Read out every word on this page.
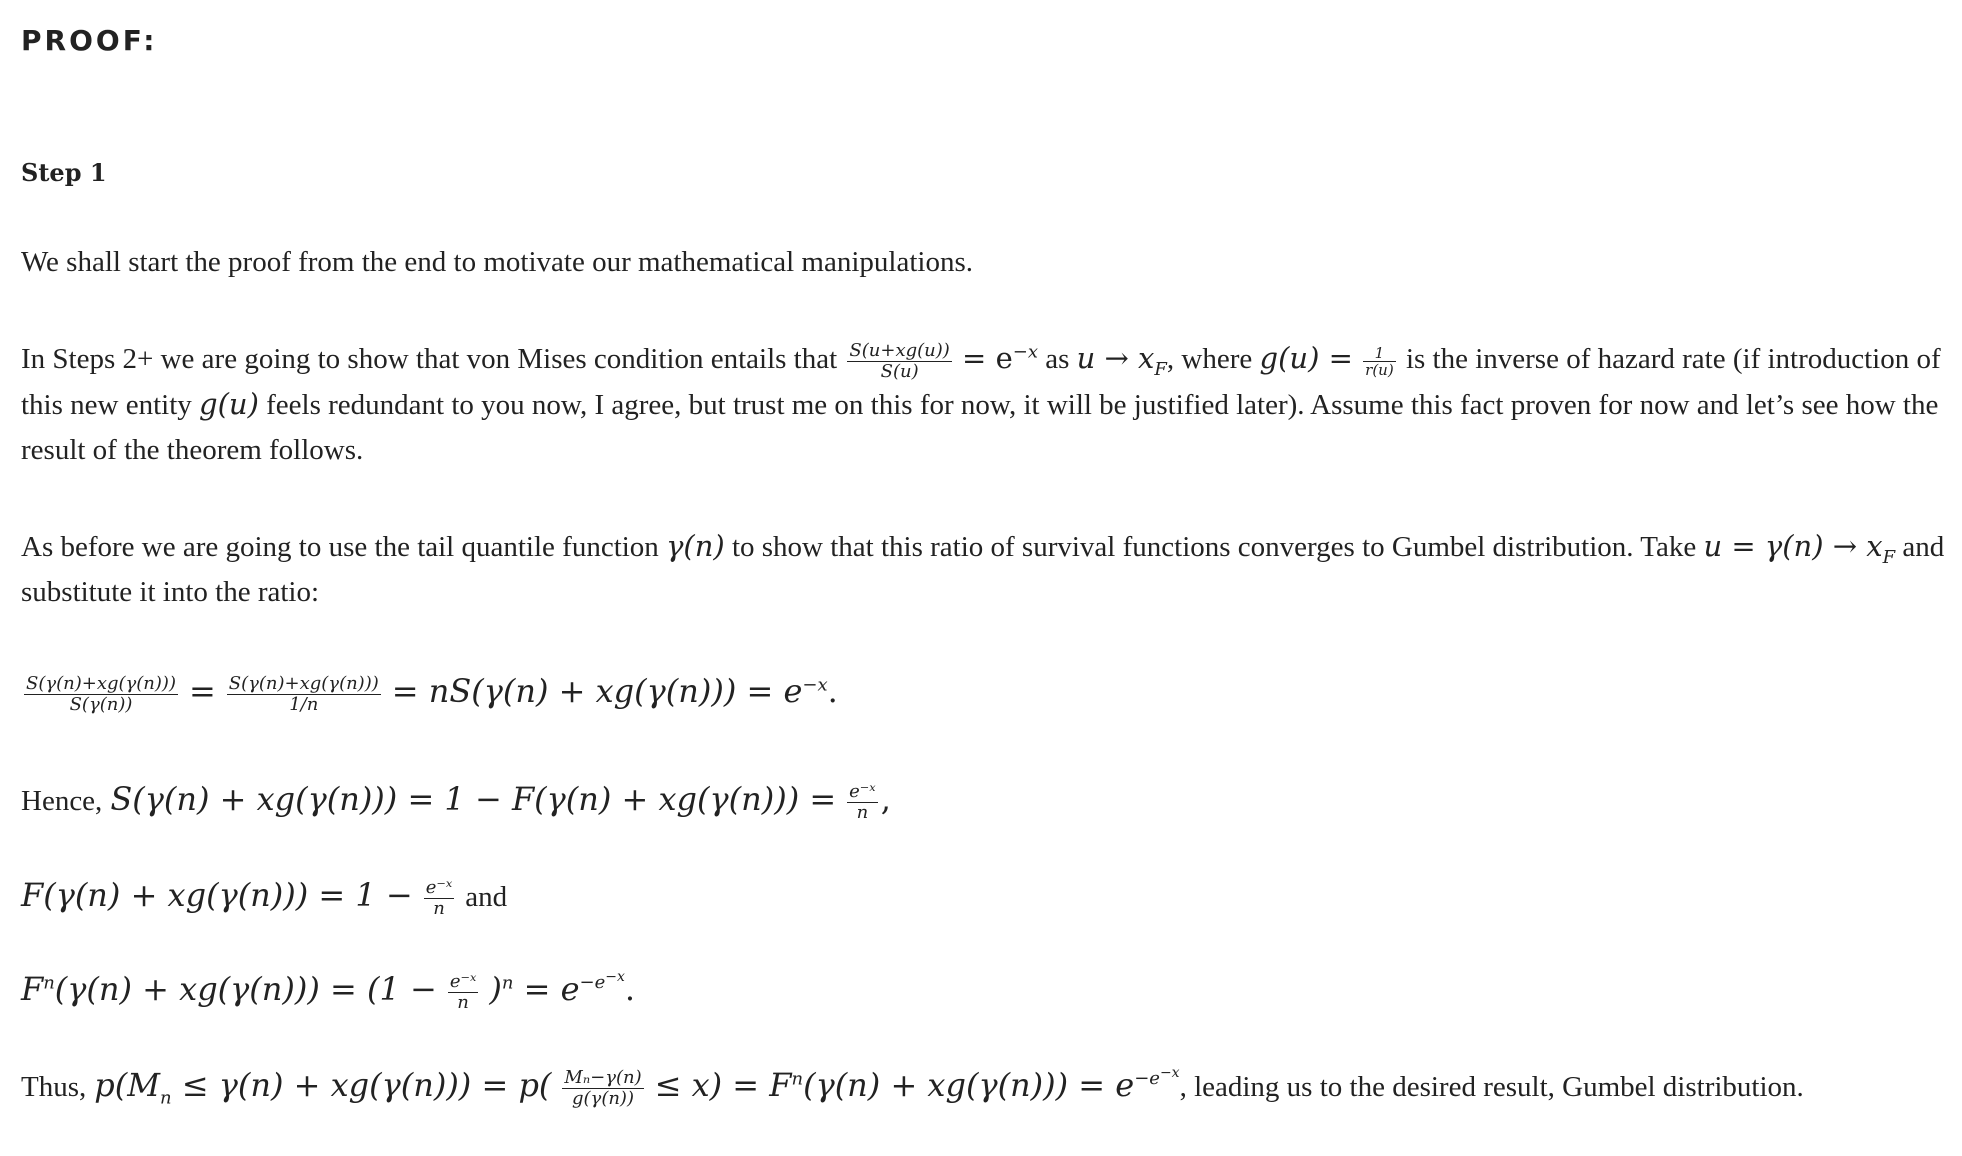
PROOF:
Step 1
We shall start the proof from the end to motivate our mathematical manipulations.
In Steps 2+ we are going to show that von Mises condition entails that $\frac{S(u+xg(u))}{S(u)} = e^{-x}$ as $u \to x_F$, where $g(u) = \frac{1}{r(u)}$ is the inverse of hazard rate (if introduction of this new entity g(u) feels redundant to you now, I agree, but trust me on this for now, it will be justified later). Assume this fact proven for now and let’s see how the result of the theorem follows.
As before we are going to use the tail quantile function γ(n) to show that this ratio of survival functions converges to Gumbel distribution. Take $u = \gamma(n) \to x_F$ and substitute it into the ratio:
$\frac{S(\gamma(n)+xg(\gamma(n)))}{S(\gamma(n))} = \frac{S(\gamma(n)+xg(\gamma(n)))}{1/n} = nS(\gamma(n) + xg(\gamma(n))) = e^{-x}$.
Hence, $S(\gamma(n) + xg(\gamma(n))) = 1 - F(\gamma(n) + xg(\gamma(n))) = \frac{\text{e⁻ˣ}}{n}$ ,
$F(\gamma(n) + xg(\gamma(n))) = 1 - \frac{\text{e⁻ˣ}}{n}$ and
$F^n(\gamma(n) + xg(\gamma(n))) = (1 - \frac{\text{e⁻ˣ}}{n} )^n = e^{-e^{-x}}$.
Thus, $p(M_n \le \gamma(n) + xg(\gamma(n))) = p( \frac{\text{Mₙ−γ(n)}}{g(\gamma(n))} \le x) = F^n(\gamma(n) + xg(\gamma(n))) = e^{-e^{-x}}$, leading us to the desired result, Gumbel distribution.
